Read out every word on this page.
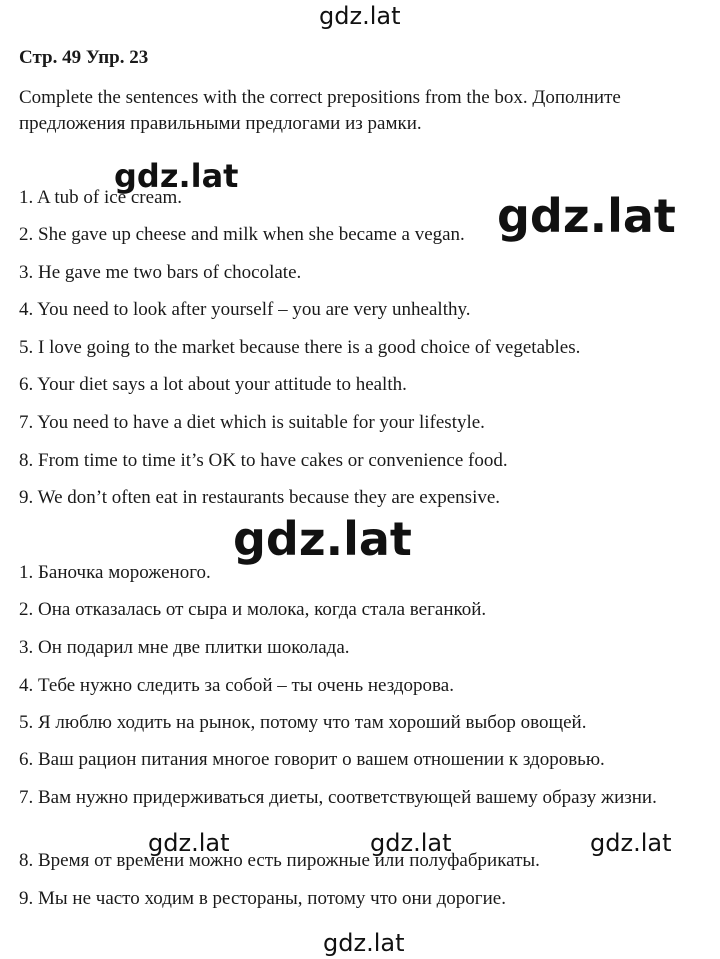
gdz.lat
Стр. 49 Упр. 23
Complete the sentences with the correct prepositions from the box. Дополните предложения правильными предлогами из рамки.
1. A tub of ice cream.
2. She gave up cheese and milk when she became a vegan.
3. He gave me two bars of chocolate.
4. You need to look after yourself – you are very unhealthy.
5. I love going to the market because there is a good choice of vegetables.
6. Your diet says a lot about your attitude to health.
7. You need to have a diet which is suitable for your lifestyle.
8. From time to time it’s OK to have cakes or convenience food.
9. We don’t often eat in restaurants because they are expensive.
1. Баночка мороженого.
2. Она отказалась от сыра и молока, когда стала веганкой.
3. Он подарил мне две плитки шоколада.
4. Тебе нужно следить за собой – ты очень нездорова.
5. Я люблю ходить на рынок, потому что там хороший выбор овощей.
6. Ваш рацион питания многое говорит о вашем отношении к здоровью.
7. Вам нужно придерживаться диеты, соответствующей вашему образу жизни.
8. Время от времени можно есть пирожные или полуфабрикаты.
9. Мы не часто ходим в рестораны, потому что они дорогие.
gdz.lat
gdz.lat
gdz.lat
gdz.lat	gdz.lat	gdz.lat
gdz.lat
